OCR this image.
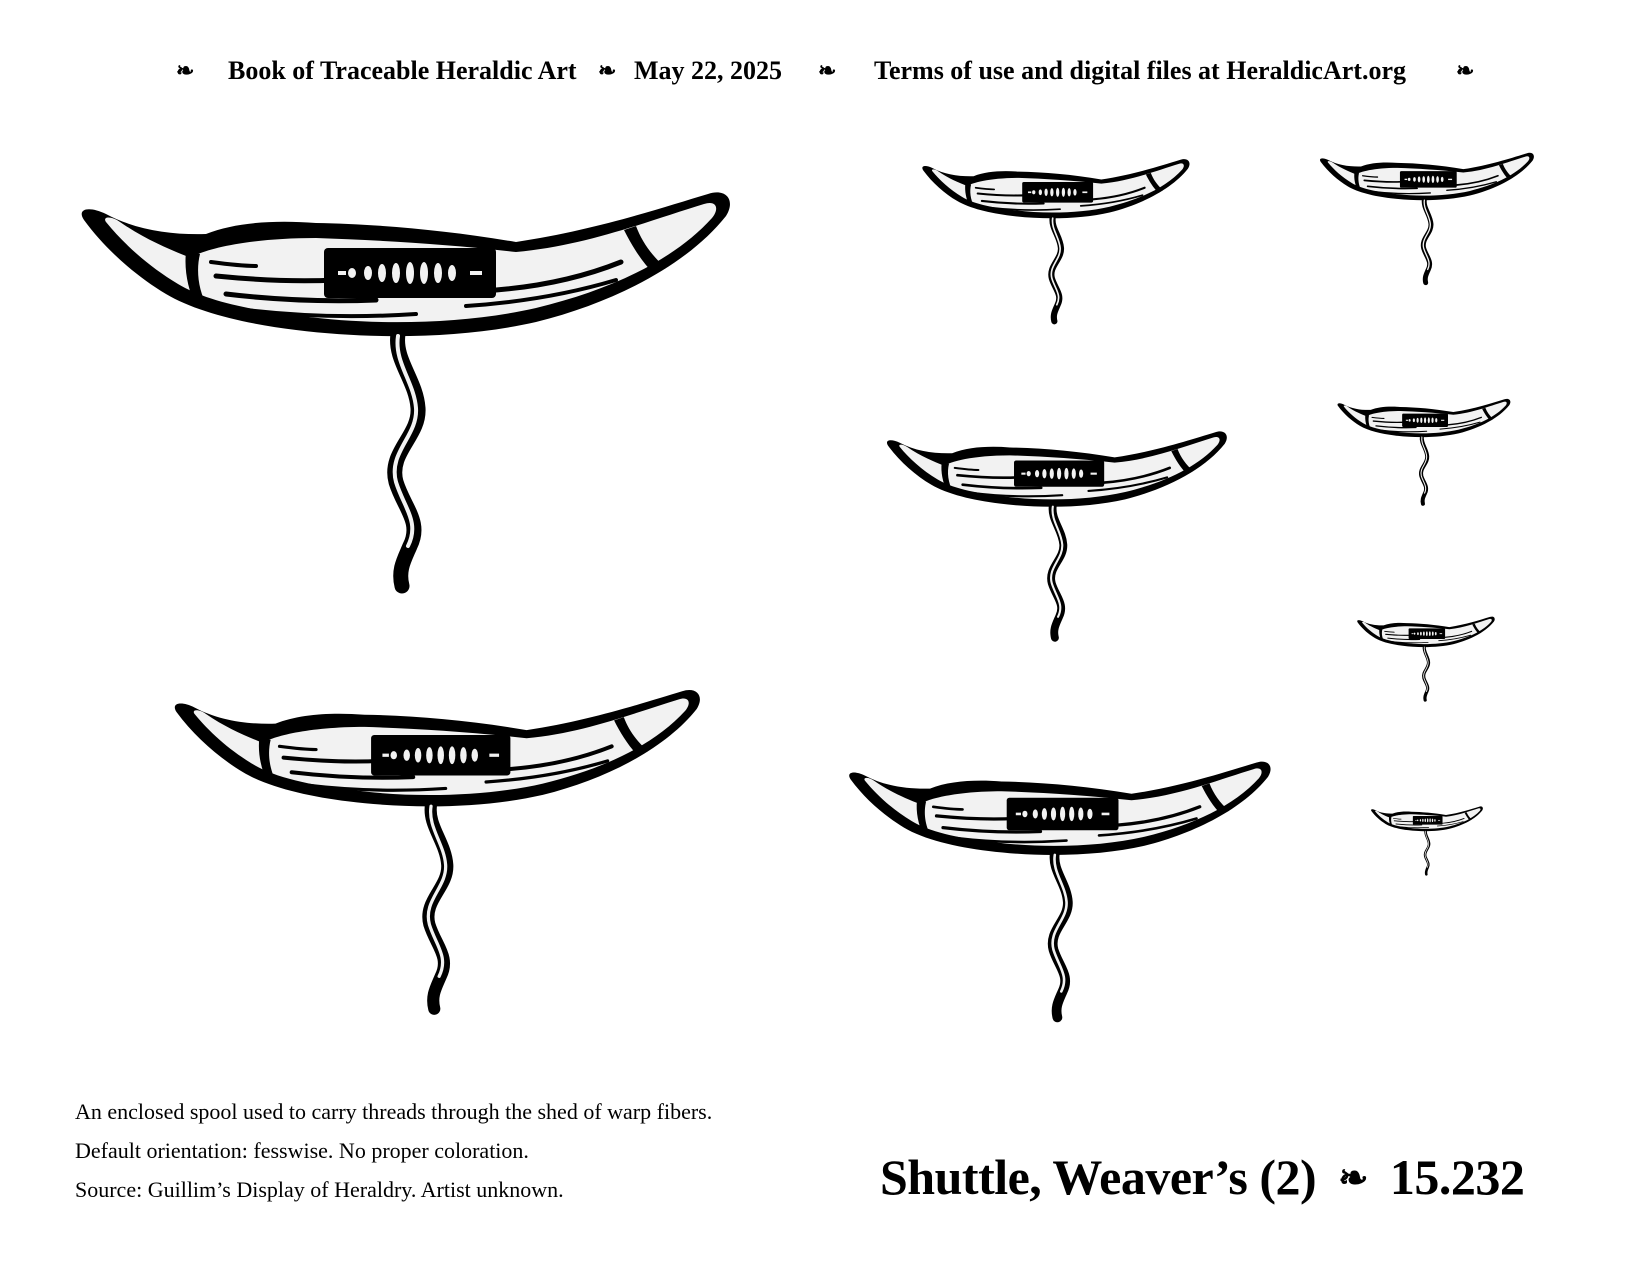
❧ Book of Traceable Heraldic Art ❧ May 22, 2025 ❧ Terms of use and digital files at HeraldicArt.org ❧
An enclosed spool used to carry threads through the shed of warp fibers.
Default orientation: fesswise. No proper coloration.
Source: Guillim’s Display of Heraldry. Artist unknown.	Shuttle, Weaver’s (2) ❧ 15.232
